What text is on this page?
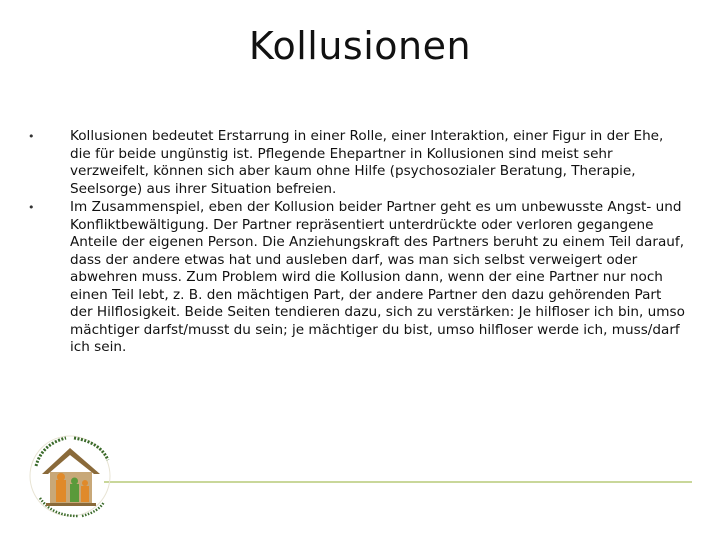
Kollusionen
•	Kollusionen bedeutet Erstarrung in einer Rolle, einer Interaktion, einer Figur in der Ehe, die für beide ungünstig ist. Pflegende Ehepartner in Kollusionen sind meist sehr verzweifelt, können sich aber kaum ohne Hilfe (psychosozialer Beratung, Therapie, Seelsorge) aus ihrer Situation befreien.
•	Im Zusammenspiel, eben der Kollusion beider Partner geht es um unbewusste Angst- und Konfliktbewältigung. Der Partner repräsentiert unterdrückte oder verloren gegangene Anteile der eigenen Person. Die Anziehungskraft des Partners beruht zu einem Teil darauf, dass der andere etwas hat und ausleben darf, was man sich selbst verweigert oder abwehren muss. Zum Problem wird die Kollusion dann, wenn der eine Partner nur noch einen Teil lebt, z. B. den mächtigen Part, der andere Partner den dazu gehörenden Part der Hilflosigkeit. Beide Seiten tendieren dazu, sich zu verstärken: Je hilfloser ich bin, umso mächtiger darfst/musst du sein; je mächtiger du bist, umso hilfloser werde ich, muss/darf ich sein.
